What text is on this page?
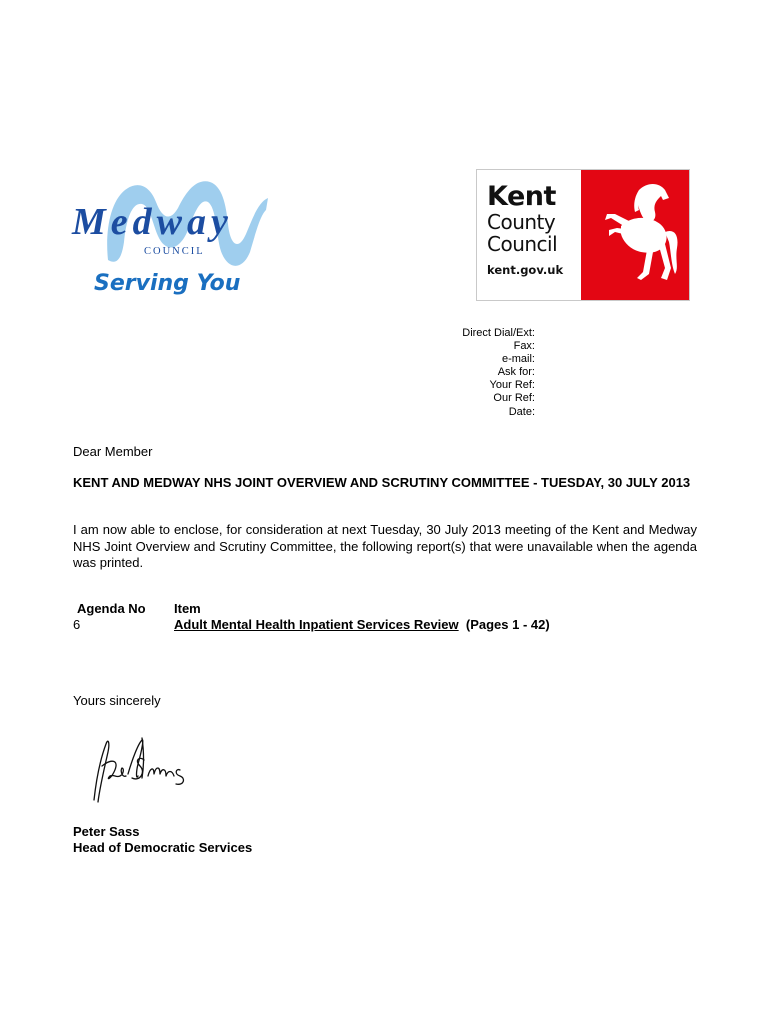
Medway
COUNCIL
Serving You
Kent
County
Council
kent.gov.uk
Direct Dial/Ext:
Fax:
e-mail:
Ask for:
Your Ref:
Our Ref:
Date:
Dear Member
KENT AND MEDWAY NHS JOINT OVERVIEW AND SCRUTINY COMMITTEE - TUESDAY, 30 JULY 2013
I am now able to enclose, for consideration at next Tuesday, 30 July 2013 meeting of the Kent and Medway NHS Joint Overview and Scrutiny Committee, the following report(s) that were unavailable when the agenda was printed.
Agenda No Item
6	Adult Mental Health Inpatient Services Review (Pages 1 - 42)
Yours sincerely
Peter Sass
Head of Democratic Services
